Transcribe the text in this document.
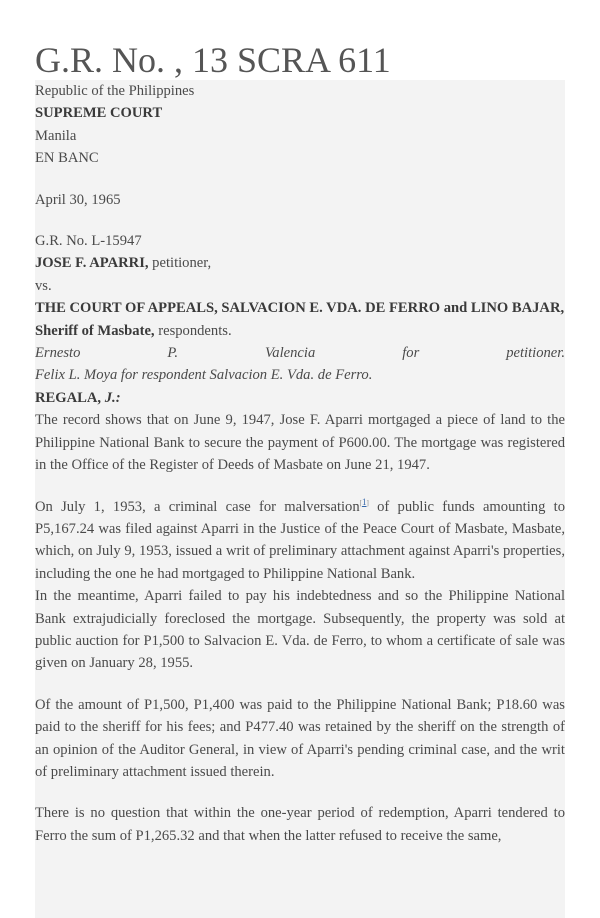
G.R. No. , 13 SCRA 611
Republic of the Philippines
SUPREME COURT
Manila
EN BANC
April 30, 1965
G.R. No. L-15947

JOSE F. APARRI, petitioner,

vs.

THE COURT OF APPEALS, SALVACION E. VDA. DE FERRO and LINO BAJAR, Sheriff of Masbate, respondents.

Ernesto	P.	Valencia	for	petitioner.

Felix L. Moya for respondent Salvacion E. Vda. de Ferro.

REGALA, J.:

The record shows that on June 9, 1947, Jose F. Aparri mortgaged a piece of land to the Philippine National Bank to secure the payment of P600.00. The mortgage was registered in the Office of the Register of Deeds of Masbate on June 21, 1947.

On July 1, 1953, a criminal case for malversation[1] of public funds amounting to P5,167.24 was filed against Aparri in the Justice of the Peace Court of Masbate, Masbate, which, on July 9, 1953, issued a writ of preliminary attachment against Aparri's properties, including the one he had mortgaged to Philippine National Bank.

In the meantime, Aparri failed to pay his indebtedness and so the Philippine National Bank extrajudicially foreclosed the mortgage. Subsequently, the property was sold at public auction for P1,500 to Salvacion E. Vda. de Ferro, to whom a certificate of sale was given on January 28, 1955.

Of the amount of P1,500, P1,400 was paid to the Philippine National Bank; P18.60 was paid to the sheriff for his fees; and P477.40 was retained by the sheriff on the strength of an opinion of the Auditor General, in view of Aparri's pending criminal case, and the writ of preliminary attachment issued therein.

There is no question that within the one-year period of redemption, Aparri tendered to Ferro the sum of P1,265.32 and that when the latter refused to receive the same,
